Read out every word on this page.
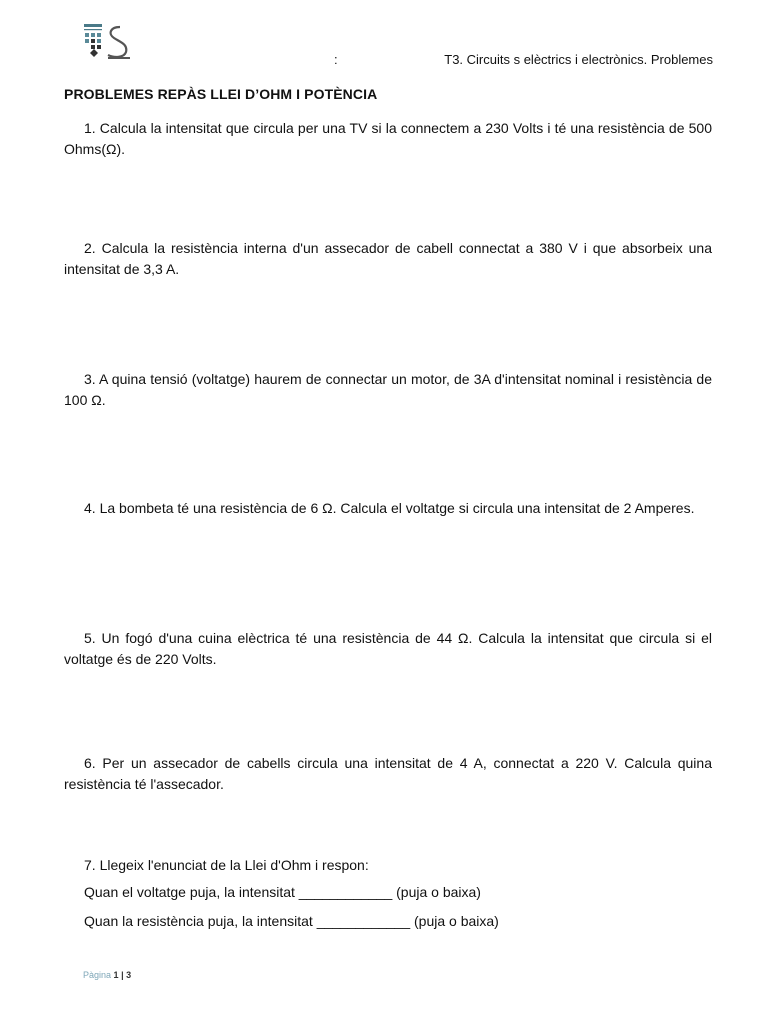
:	T3. Circuits s elèctrics i electrònics. Problemes
PROBLEMES REPÀS LLEI D’OHM I POTÈNCIA

1. Calcula la intensitat que circula per una TV si la connectem a 230 Volts i té una resistència de 500 Ohms(Ω).

2. Calcula la resistència interna d'un assecador de cabell connectat a 380 V i que absorbeix una intensitat de 3,3 A.

3. A quina tensió (voltatge) haurem de connectar un motor, de 3A d'intensitat nominal i resistència de 100 Ω.

4. La bombeta té una resistència de 6 Ω. Calcula el voltatge si circula una intensitat de 2 Amperes.

5. Un fogó d'una cuina elèctrica té una resistència de 44 Ω. Calcula la intensitat que circula si el voltatge és de 220 Volts.

6. Per un assecador de cabells circula una intensitat de 4 A, connectat a 220 V. Calcula quina resistència té l'assecador.

7. Llegeix l'enunciat de la Llei d'Ohm i respon:
Quan el voltatge puja, la intensitat ____________ (puja o baixa)
Quan la resistència puja, la intensitat ____________ (puja o baixa)
Pàgina 1 | 3
